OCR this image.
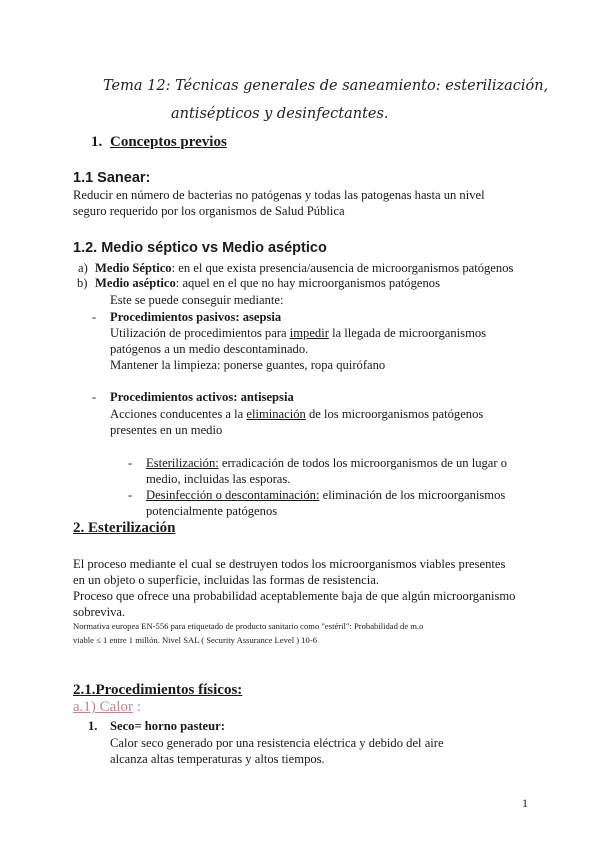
Tema 12: Técnicas generales de saneamiento: esterilización,
antisépticos y desinfectantes.
1. Conceptos previos
1.1 Sanear:
Reducir en número de bacterias no patógenas y todas las patogenas hasta un nivel
seguro requerido por los organismos de Salud Pública
1.2. Medio séptico vs Medio aséptico
a) Medio Séptico: en el que exista presencia/ausencia de microorganismos patógenos
b) Medio aséptico: aquel en el que no hay microorganismos patógenos
Este se puede conseguir mediante:
- Procedimientos pasivos: asepsia
Utilización de procedimientos para impedir la llegada de microorganismos
patógenos a un medio descontaminado.
Mantener la limpieza: ponerse guantes, ropa quirófano
- Procedimientos activos: antisepsia
Acciones conducentes a la eliminación de los microorganismos patógenos
presentes en un medio
- Esterilización: erradicación de todos los microorganismos de un lugar o
medio, incluidas las esporas.
- Desinfección o descontaminación: eliminación de los microorganismos
potencialmente patógenos
2. Esterilización
El proceso mediante el cual se destruyen todos los microorganismos viables presentes
en un objeto o superficie, incluidas las formas de resistencia.
Proceso que ofrece una probabilidad aceptablemente baja de que algún microorganismo
sobreviva.
Normativa europea EN-556 para etiquetado de producto sanitario como "estéril": Probabilidad de m.o
viable ≤ 1 entre 1 millón. Nivel SAL ( Security Assurance Level ) 10-6
2.1.Procedimientos físicos:
a.1) Calor :
1. Seco= horno pasteur:
Calor seco generado por una resistencia eléctrica y debido del aire
alcanza altas temperaturas y altos tiempos.
1
